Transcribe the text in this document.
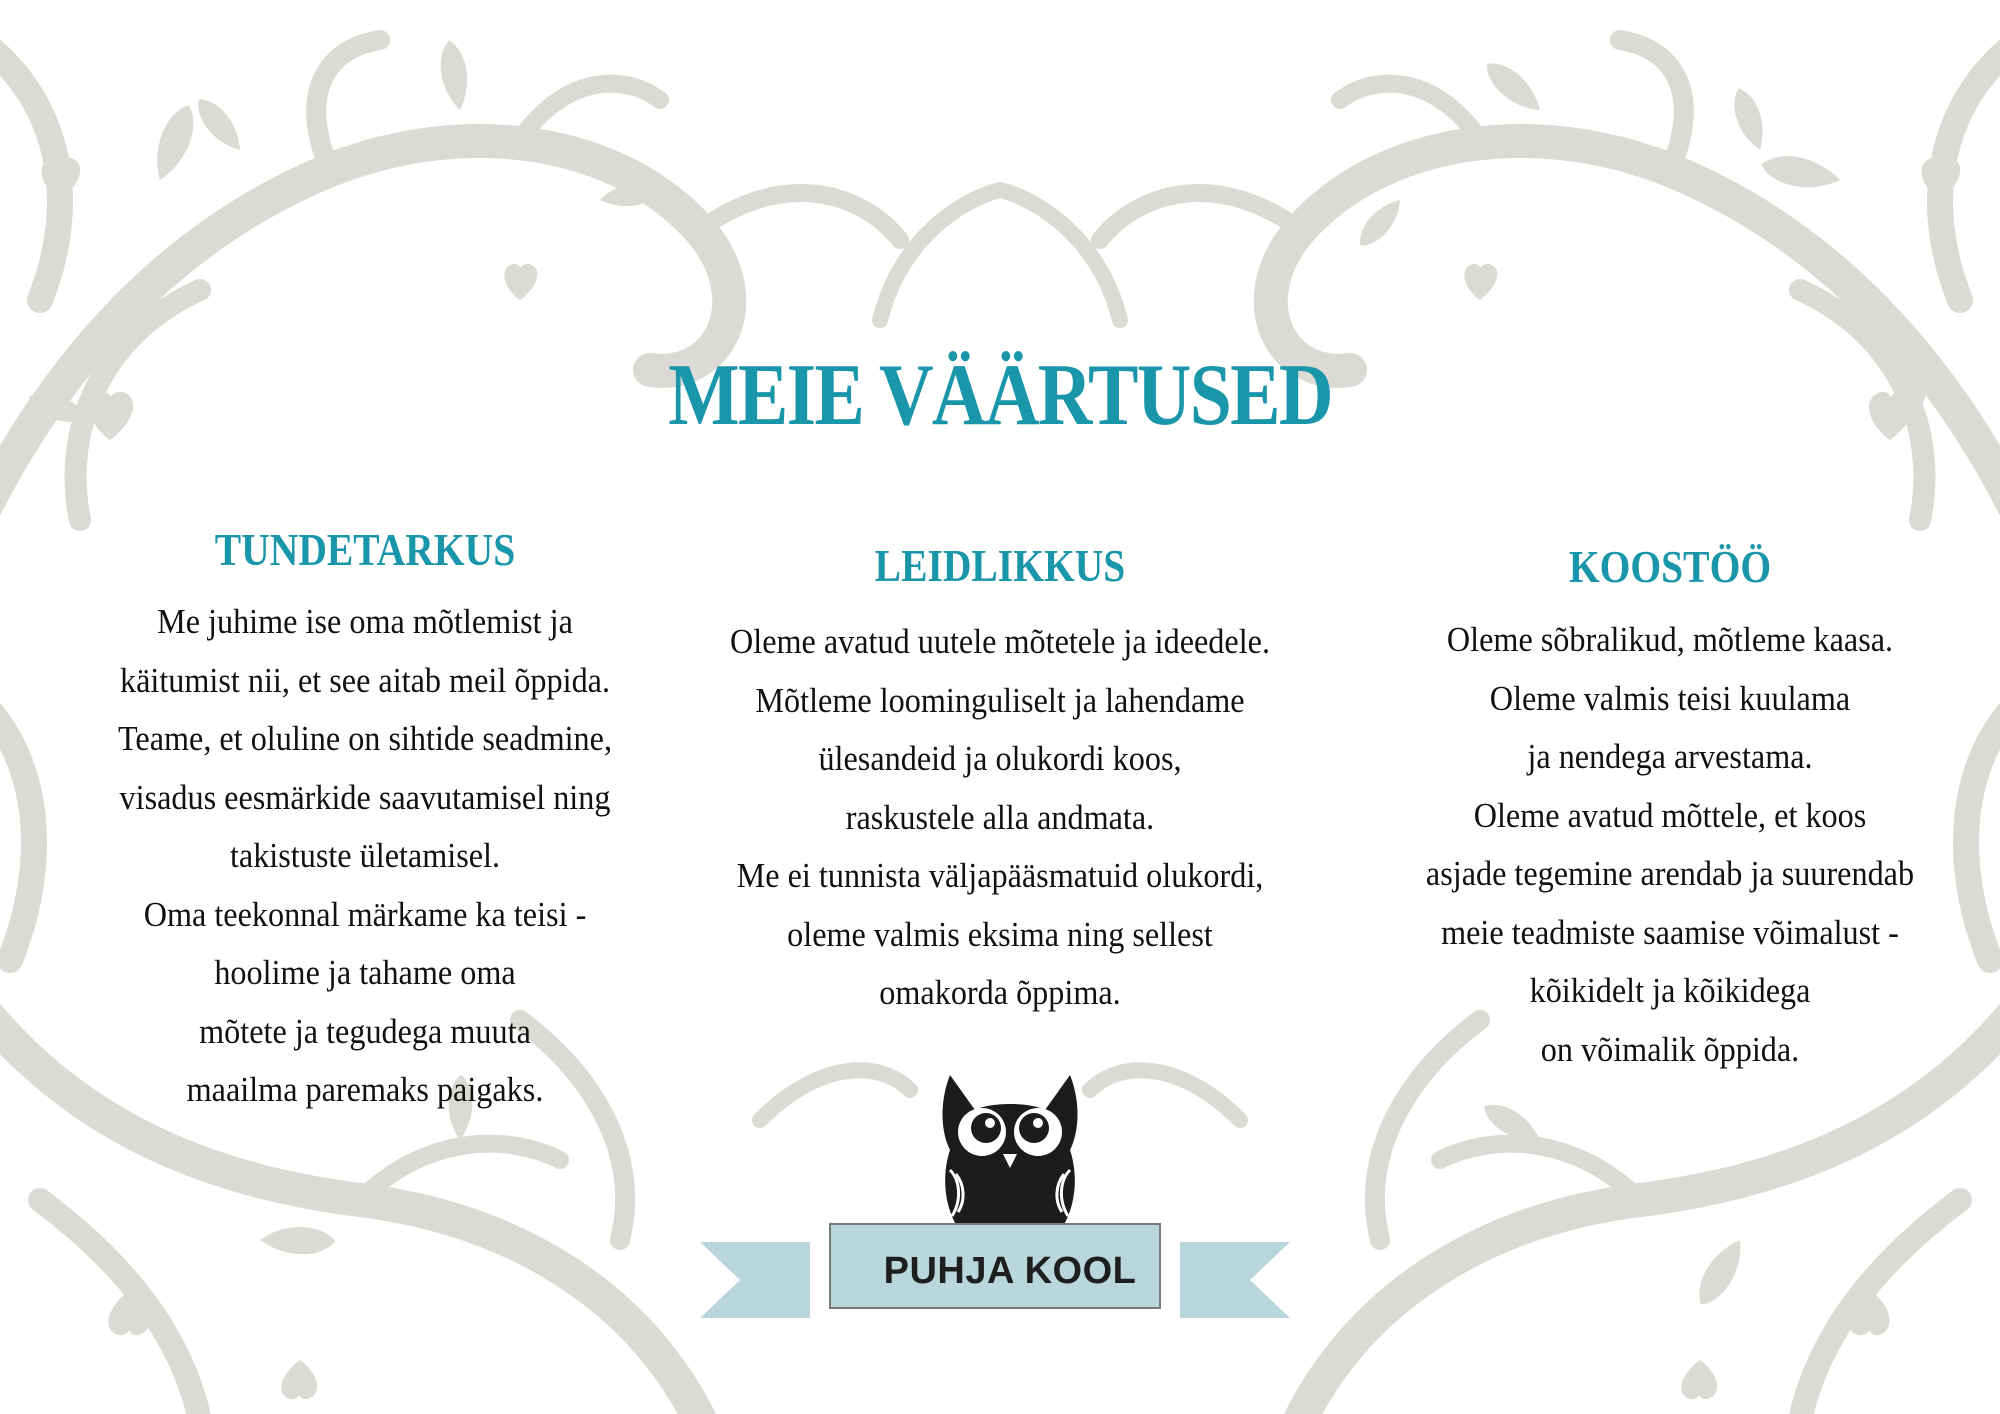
MEIE VÄÄRTUSED
TUNDETARKUS
Me juhime ise oma mõtlemist ja
käitumist nii, et see aitab meil õppida.
Teame, et oluline on sihtide seadmine,
visadus eesmärkide saavutamisel ning
takistuste ületamisel.
Oma teekonnal märkame ka teisi -
hoolime ja tahame oma
mõtete ja tegudega muuta
maailma paremaks paigaks.
LEIDLIKKUS
Oleme avatud uutele mõtetele ja ideedele.
Mõtleme loominguliselt ja lahendame
ülesandeid ja olukordi koos,
raskustele alla andmata.
Me ei tunnista väljapääsmatuid olukordi,
oleme valmis eksima ning sellest
omakorda õppima.
KOOSTÖÖ
Oleme sõbralikud, mõtleme kaasa.
Oleme valmis teisi kuulama
ja nendega arvestama.
Oleme avatud mõttele, et koos
asjade tegemine arendab ja suurendab
meie teadmiste saamise võimalust -
kõikidelt ja kõikidega
on võimalik õppida.
PUHJA KOOL
